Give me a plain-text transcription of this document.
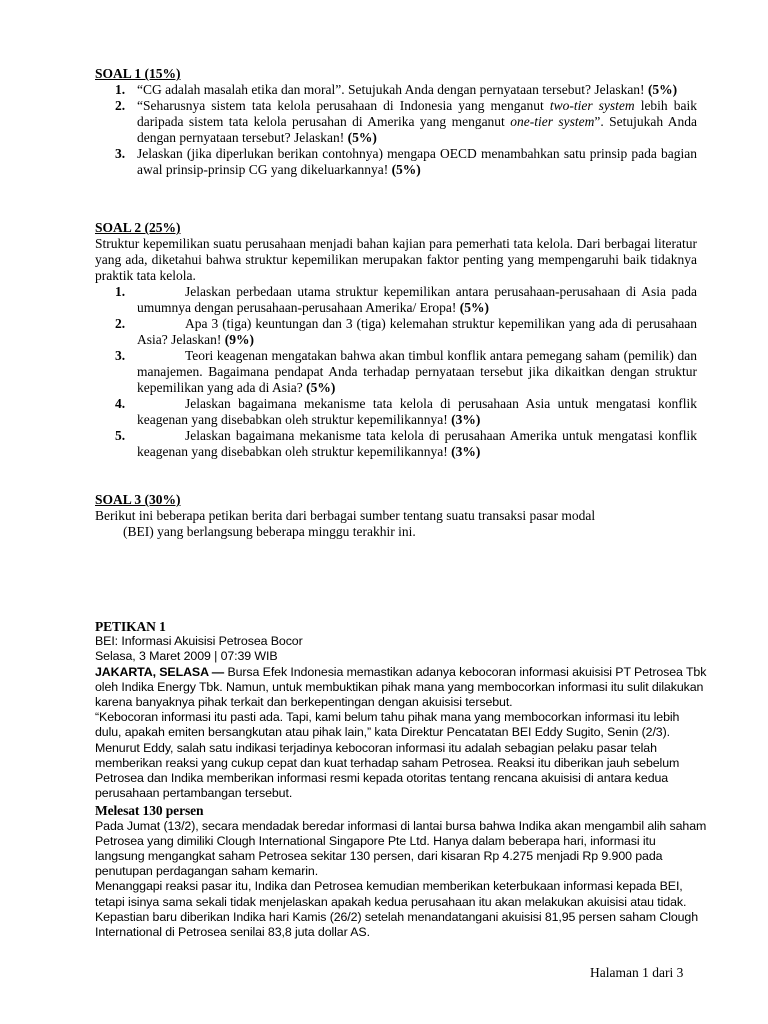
SOAL 1 (15%)

1. “CG adalah masalah etika dan moral”. Setujukah Anda dengan pernyataan tersebut? Jelaskan! (5%)
2. “Seharusnya sistem tata kelola perusahaan di Indonesia yang menganut two-tier system lebih baik daripada sistem tata kelola perusahan di Amerika yang menganut one-tier system”. Setujukah Anda dengan pernyataan tersebut? Jelaskan! (5%)
3. Jelaskan (jika diperlukan berikan contohnya) mengapa OECD menambahkan satu prinsip pada bagian awal prinsip-prinsip CG yang dikeluarkannya! (5%)

SOAL 2 (25%)

Struktur kepemilikan suatu perusahaan menjadi bahan kajian para pemerhati tata kelola. Dari berbagai literatur yang ada, diketahui bahwa struktur kepemilikan merupakan faktor penting yang mempengaruhi baik tidaknya praktik tata kelola.

1.	Jelaskan perbedaan utama struktur kepemilikan antara perusahaan-perusahaan di Asia pada umumnya dengan perusahaan-perusahaan Amerika/ Eropa! (5%)
2.	Apa 3 (tiga) keuntungan dan 3 (tiga) kelemahan struktur kepemilikan yang ada di perusahaan Asia? Jelaskan! (9%)
3.	Teori keagenan mengatakan bahwa akan timbul konflik antara pemegang saham (pemilik) dan manajemen. Bagaimana pendapat Anda terhadap pernyataan tersebut jika dikaitkan dengan struktur kepemilikan yang ada di Asia? (5%)
4.	Jelaskan bagaimana mekanisme tata kelola di perusahaan Asia untuk mengatasi konflik keagenan yang disebabkan oleh struktur kepemilikannya! (3%)
5.	Jelaskan bagaimana mekanisme tata kelola di perusahaan Amerika untuk mengatasi konflik keagenan yang disebabkan oleh struktur kepemilikannya! (3%)

SOAL 3 (30%)

Berikut ini beberapa petikan berita dari berbagai sumber tentang suatu transaksi pasar modal
(BEI) yang berlangsung beberapa minggu terakhir ini.

PETIKAN 1

BEI: Informasi Akuisisi Petrosea Bocor

Selasa, 3 Maret 2009 | 07:39 WIB

JAKARTA, SELASA — Bursa Efek Indonesia memastikan adanya kebocoran informasi akuisisi PT Petrosea Tbk oleh Indika Energy Tbk. Namun, untuk membuktikan pihak mana yang membocorkan informasi itu sulit dilakukan karena banyaknya pihak terkait dan berkepentingan dengan akuisisi tersebut.

“Kebocoran informasi itu pasti ada. Tapi, kami belum tahu pihak mana yang membocorkan informasi itu lebih dulu, apakah emiten bersangkutan atau pihak lain,” kata Direktur Pencatatan BEI Eddy Sugito, Senin (2/3).

Menurut Eddy, salah satu indikasi terjadinya kebocoran informasi itu adalah sebagian pelaku pasar telah memberikan reaksi yang cukup cepat dan kuat terhadap saham Petrosea. Reaksi itu diberikan jauh sebelum Petrosea dan Indika memberikan informasi resmi kepada otoritas tentang rencana akuisisi di antara kedua perusahaan pertambangan tersebut.

Melesat 130 persen

Pada Jumat (13/2), secara mendadak beredar informasi di lantai bursa bahwa Indika akan mengambil alih saham Petrosea yang dimiliki Clough International Singapore Pte Ltd. Hanya dalam beberapa hari, informasi itu langsung mengangkat saham Petrosea sekitar 130 persen, dari kisaran Rp 4.275 menjadi Rp 9.900 pada penutupan perdagangan saham kemarin.

Menanggapi reaksi pasar itu, Indika dan Petrosea kemudian memberikan keterbukaan informasi kepada BEI, tetapi isinya sama sekali tidak menjelaskan apakah kedua perusahaan itu akan melakukan akuisisi atau tidak. Kepastian baru diberikan Indika hari Kamis (26/2) setelah menandatangani akuisisi 81,95 persen saham Clough International di Petrosea senilai 83,8 juta dollar AS.

Halaman 1 dari 3
